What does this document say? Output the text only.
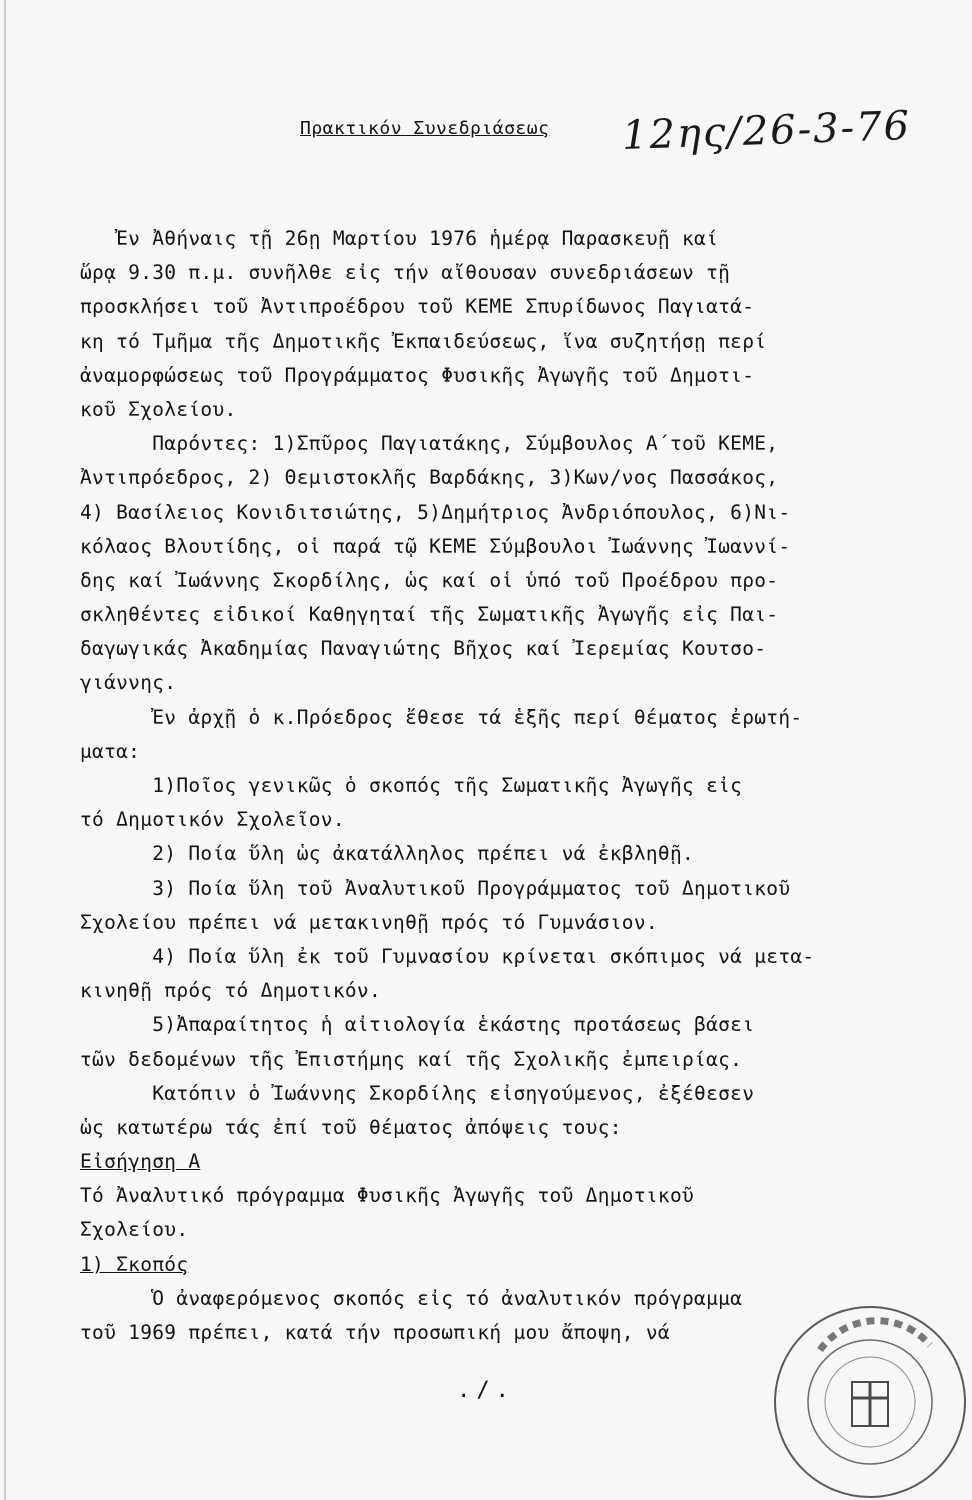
Πρακτικόν Συνεδριάσεως 12ης/26-3-76
Ἐν Ἀθήναις τῇ 26ῃ Μαρτίου 1976 ἡμέρᾳ Παρασκευῇ καί
ὥρᾳ 9.30 π.μ. συνῆλθε εἰς τήν αἴθουσαν συνεδριάσεων τῇ
προσκλήσει τοῦ Ἀντιπροέδρου τοῦ ΚΕΜΕ Σπυρίδωνος Παγιατά-
κη τό Τμῆμα τῆς Δημοτικῆς Ἐκπαιδεύσεως, ἵνα συζητήσῃ περί
ἀναμορφώσεως τοῦ Προγράμματος Φυσικῆς Ἀγωγῆς τοῦ Δημοτι-
κοῦ Σχολείου.
Παρόντες: 1)Σπῦρος Παγιατάκης, Σύμβουλος Α΄τοῦ ΚΕΜΕ,
Ἀντιπρόεδρος, 2) Θεμιστοκλῆς Βαρδάκης, 3)Κων/νος Πασσάκος,
4) Βασίλειος Κονιδιτσιώτης, 5)Δημήτριος Ἀνδριόπουλος, 6)Νι-
κόλαος Βλουτίδης, οἱ παρά τῷ ΚΕΜΕ Σύμβουλοι Ἰωάννης Ἰωαννί-
δης καί Ἰωάννης Σκορδίλης, ὡς καί οἱ ὑπό τοῦ Προέδρου προ-
σκληθέντες εἰδικοί Καθηγηταί τῆς Σωματικῆς Ἀγωγῆς εἰς Παι-
δαγωγικάς Ἀκαδημίας Παναγιώτης Βῆχος καί Ἰερεμίας Κουτσο-
γιάννης.
Ἐν ἀρχῇ ὁ κ.Πρόεδρος ἔθεσε τά ἑξῆς περί θέματος ἐρωτή-
ματα:
1)Ποῖος γενικῶς ὁ σκοπός τῆς Σωματικῆς Ἀγωγῆς εἰς
τό Δημοτικόν Σχολεῖον.
2) Ποία ὕλη ὡς ἀκατάλληλος πρέπει νά ἐκβληθῇ.
3) Ποία ὕλη τοῦ Ἀναλυτικοῦ Προγράμματος τοῦ Δημοτικοῦ
Σχολείου πρέπει νά μετακινηθῇ πρός τό Γυμνάσιον.
4) Ποία ὕλη ἐκ τοῦ Γυμνασίου κρίνεται σκόπιμος νά μετα-
κινηθῇ πρός τό Δημοτικόν.
5)Ἀπαραίτητος ἡ αἰτιολογία ἑκάστης προτάσεως βάσει
τῶν δεδομένων τῆς Ἐπιστήμης καί τῆς Σχολικῆς ἐμπειρίας.
Κατόπιν ὁ Ἰωάννης Σκορδίλης εἰσηγούμενος, ἐξέθεσεν
ὡς κατωτέρω τάς ἐπί τοῦ θέματος ἀπόψεις τους:
Εἰσήγηση Α
Τό Ἀναλυτικό πρόγραμμα Φυσικῆς Ἀγωγῆς τοῦ Δημοτικοῦ
Σχολείου.
1) Σκοπός
Ὁ ἀναφερόμενος σκοπός εἰς τό ἀναλυτικόν πρόγραμμα
τοῦ 1969 πρέπει, κατά τήν προσωπική μου ἄποψη, νά
./.
